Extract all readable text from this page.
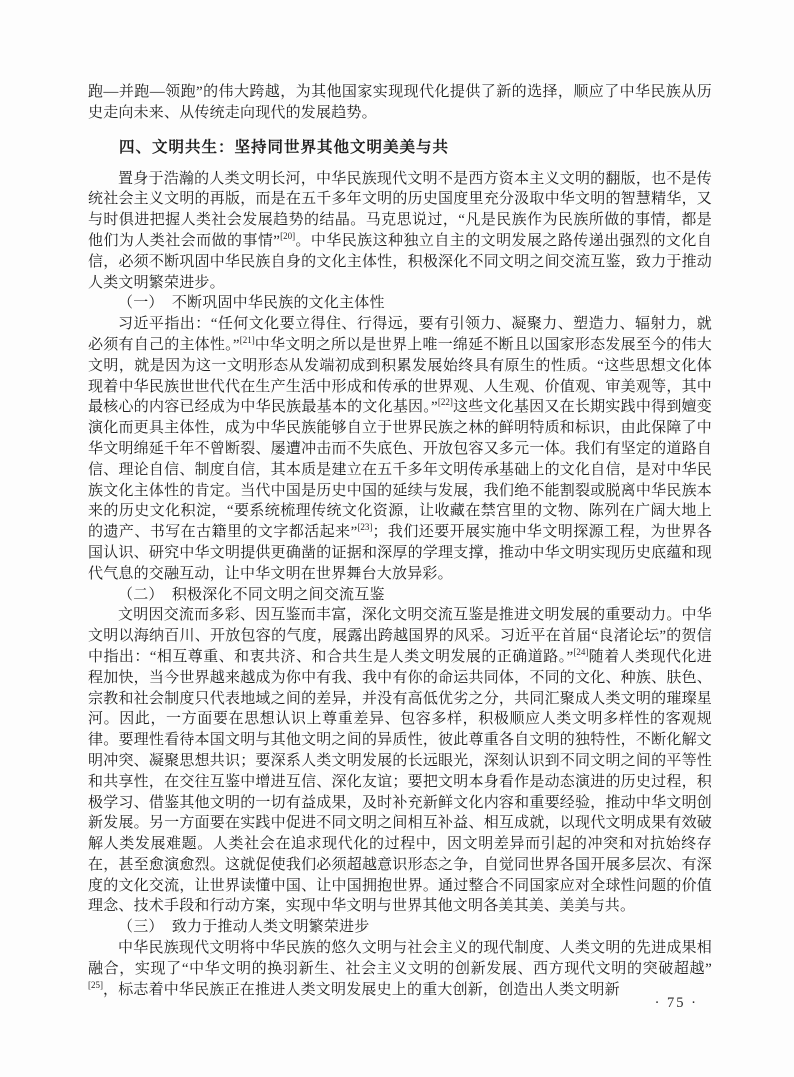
跑—并跑—领跑”的伟大跨越，为其他国家实现现代化提供了新的选择，顺应了中华民族从历史走向未来、从传统走向现代的发展趋势。

四、文明共生：坚持同世界其他文明美美与共

置身于浩瀚的人类文明长河，中华民族现代文明不是西方资本主义文明的翻版，也不是传统社会主义文明的再版，而是在五千多年文明的历史国度里充分汲取中华文明的智慧精华，又与时俱进把握人类社会发展趋势的结晶。马克思说过，“凡是民族作为民族所做的事情，都是他们为人类社会而做的事情”[20]。中华民族这种独立自主的文明发展之路传递出强烈的文化自信，必须不断巩固中华民族自身的文化主体性，积极深化不同文明之间交流互鉴，致力于推动人类文明繁荣进步。

（一） 不断巩固中华民族的文化主体性

习近平指出：“任何文化要立得住、行得远，要有引领力、凝聚力、塑造力、辐射力，就必须有自己的主体性。”[21]中华文明之所以是世界上唯一绵延不断且以国家形态发展至今的伟大文明，就是因为这一文明形态从发端初成到积累发展始终具有原生的性质。“这些思想文化体现着中华民族世世代代在生产生活中形成和传承的世界观、人生观、价值观、审美观等，其中最核心的内容已经成为中华民族最基本的文化基因。”[22]这些文化基因又在长期实践中得到嬗变演化而更具主体性，成为中华民族能够自立于世界民族之林的鲜明特质和标识，由此保障了中华文明绵延千年不曾断裂、屡遭冲击而不失底色、开放包容又多元一体。我们有坚定的道路自信、理论自信、制度自信，其本质是建立在五千多年文明传承基础上的文化自信，是对中华民族文化主体性的肯定。当代中国是历史中国的延续与发展，我们绝不能割裂或脱离中华民族本来的历史文化积淀，“要系统梳理传统文化资源，让收藏在禁宫里的文物、陈列在广阔大地上的遗产、书写在古籍里的文字都活起来”[23]；我们还要开展实施中华文明探源工程，为世界各国认识、研究中华文明提供更确凿的证据和深厚的学理支撑，推动中华文明实现历史底蕴和现代气息的交融互动，让中华文明在世界舞台大放异彩。

（二） 积极深化不同文明之间交流互鉴

文明因交流而多彩、因互鉴而丰富，深化文明交流互鉴是推进文明发展的重要动力。中华文明以海纳百川、开放包容的气度，展露出跨越国界的风采。习近平在首届“良渚论坛”的贺信中指出：“相互尊重、和衷共济、和合共生是人类文明发展的正确道路。”[24]随着人类现代化进程加快，当今世界越来越成为你中有我、我中有你的命运共同体，不同的文化、种族、肤色、宗教和社会制度只代表地域之间的差异，并没有高低优劣之分，共同汇聚成人类文明的璀璨星河。因此，一方面要在思想认识上尊重差异、包容多样，积极顺应人类文明多样性的客观规律。要理性看待本国文明与其他文明之间的异质性，彼此尊重各自文明的独特性，不断化解文明冲突、凝聚思想共识；要深系人类文明发展的长远眼光，深刻认识到不同文明之间的平等性和共享性，在交往互鉴中增进互信、深化友谊；要把文明本身看作是动态演进的历史过程，积极学习、借鉴其他文明的一切有益成果，及时补充新鲜文化内容和重要经验，推动中华文明创新发展。另一方面要在实践中促进不同文明之间相互补益、相互成就，以现代文明成果有效破解人类发展难题。人类社会在追求现代化的过程中，因文明差异而引起的冲突和对抗始终存在，甚至愈演愈烈。这就促使我们必须超越意识形态之争，自觉同世界各国开展多层次、有深度的文化交流，让世界读懂中国、让中国拥抱世界。通过整合不同国家应对全球性问题的价值理念、技术手段和行动方案，实现中华文明与世界其他文明各美其美、美美与共。

（三） 致力于推动人类文明繁荣进步

中华民族现代文明将中华民族的悠久文明与社会主义的现代制度、人类文明的先进成果相融合，实现了“中华文明的换羽新生、社会主义文明的创新发展、西方现代文明的突破超越”[25]，标志着中华民族正在推进人类文明发展史上的重大创新，创造出人类文明新

· 75 ·
